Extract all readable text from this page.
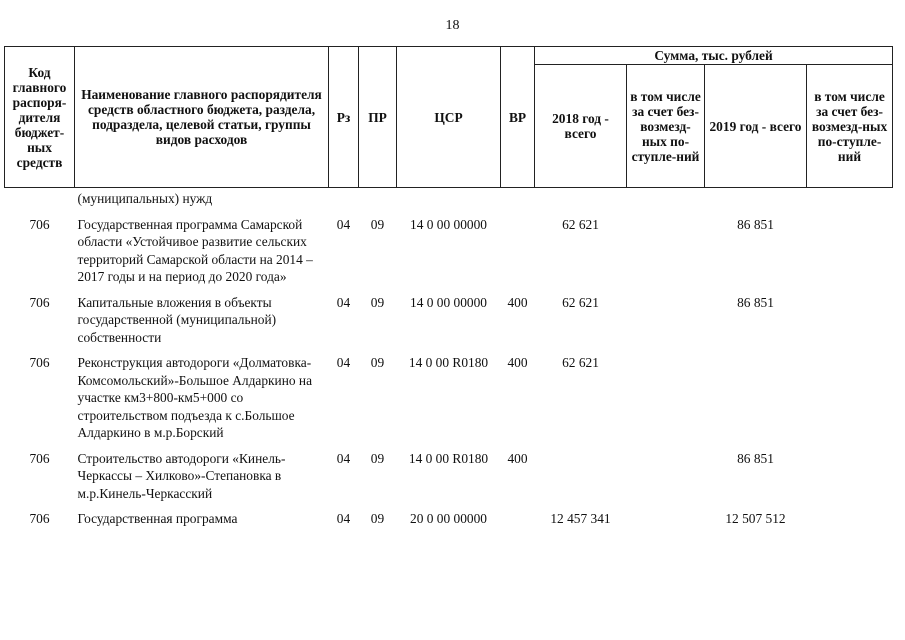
18
Код главного распоря-дителя бюджет-ных средств	Наименование главного распорядителя средств областного бюджета, раздела, подраздела, целевой статьи, группы видов расходов	Рз	ПР	ЦСР	ВР	Сумма, тыс. рублей			
						2018 год - всего	в том числе за счет без-возмезд-ных по-ступле-ний	2019 год - всего	в том числе за счет без-возмезд-ных по-ступле-ний
	(муниципальных) нужд								
706	Государственная программа Самарской области «Устойчивое развитие сельских территорий Самарской области на 2014 – 2017 годы и на период до 2020 года»	04	09	14 0 00 00000		62 621		86 851	
706	Капитальные вложения в объекты государственной (муниципальной) собственности	04	09	14 0 00 00000	400	62 621		86 851	
706	Реконструкция автодороги «Долматовка-Комсомольский»-Большое Алдаркино на участке км3+800-км5+000 со строительством подъезда к с.Большое Алдаркино в м.р.Борский	04	09	14 0 00 R0180	400	62 621			
706	Строительство автодороги «Кинель-Черкассы – Хилково»-Степановка в м.р.Кинель-Черкасский	04	09	14 0 00 R0180	400			86 851	
706	Государственная программа	04	09	20 0 00 00000		12 457 341		12 507 512	
